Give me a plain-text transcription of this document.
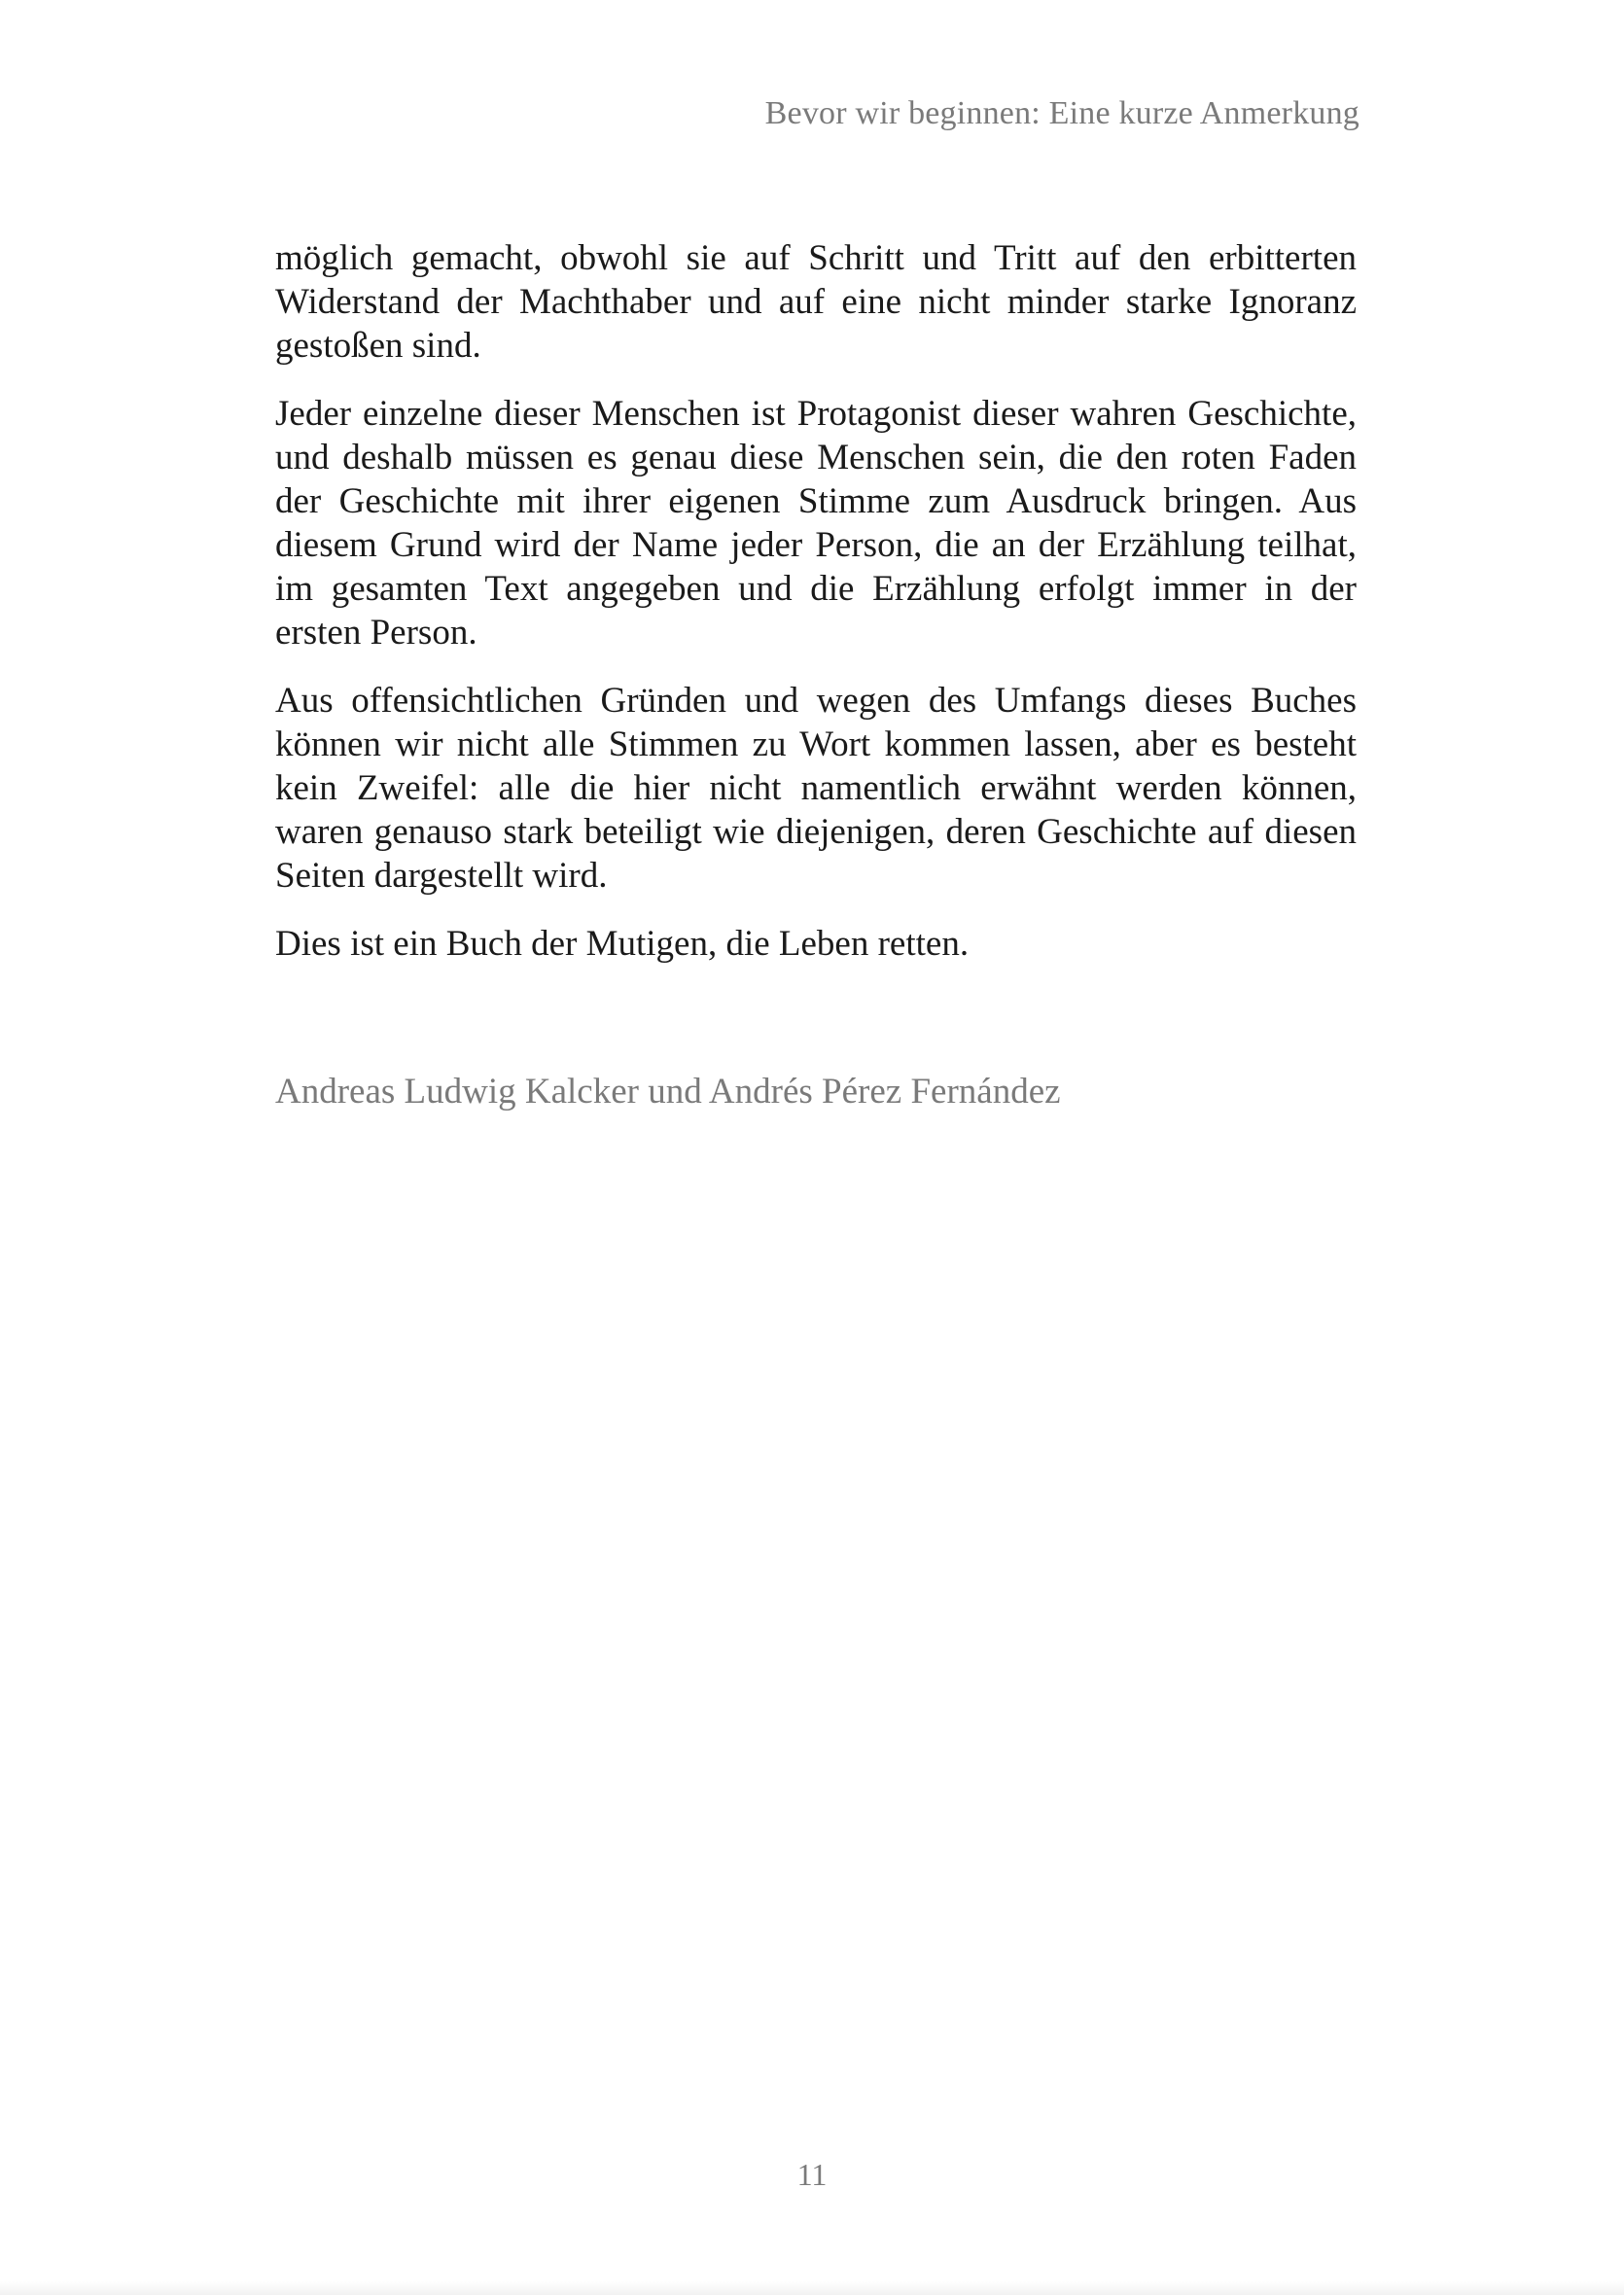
Bevor wir beginnen: Eine kurze Anmerkung

möglich gemacht, obwohl sie auf Schritt und Tritt auf den erbitterten Widerstand der Machthaber und auf eine nicht minder starke Ignoranz gestoßen sind.

Jeder einzelne dieser Menschen ist Protagonist dieser wahren Geschichte, und deshalb müssen es genau diese Menschen sein, die den roten Faden der Geschichte mit ihrer eigenen Stimme zum Ausdruck bringen. Aus diesem Grund wird der Name jeder Person, die an der Erzählung teilhat, im gesamten Text angegeben und die Erzählung erfolgt immer in der ersten Person.

Aus offensichtlichen Gründen und wegen des Umfangs dieses Buches können wir nicht alle Stimmen zu Wort kommen lassen, aber es besteht kein Zweifel: alle die hier nicht namentlich erwähnt werden können, waren genauso stark beteiligt wie diejenigen, deren Geschichte auf diesen Seiten dargestellt wird.

Dies ist ein Buch der Mutigen, die Leben retten.

Andreas Ludwig Kalcker und Andrés Pérez Fernández
11
